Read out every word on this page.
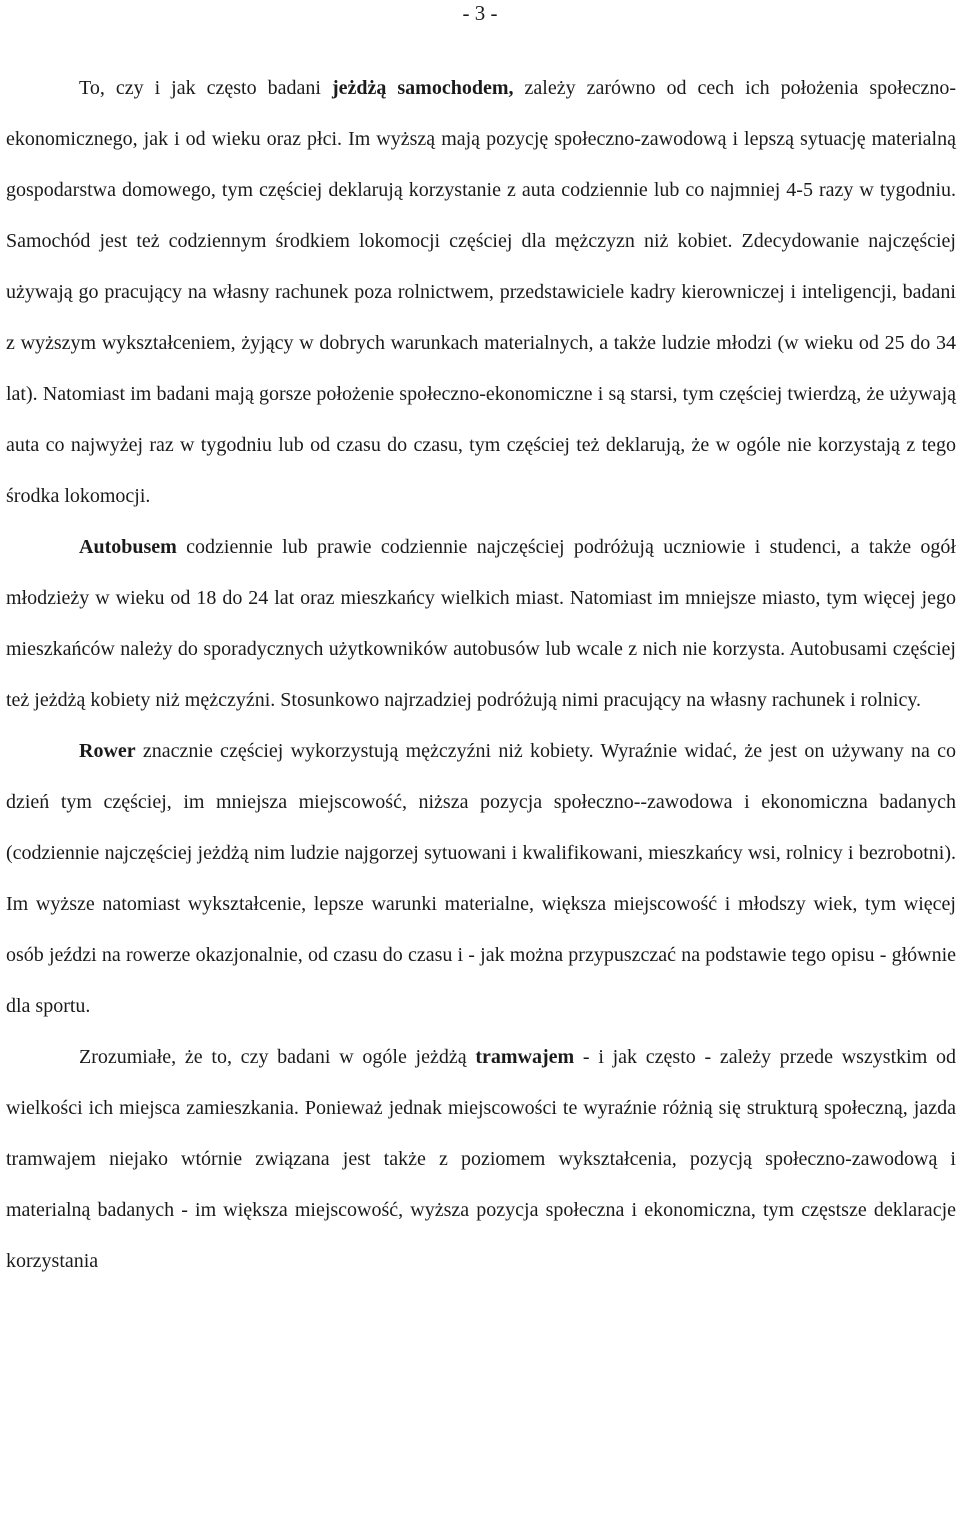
- 3 -

To, czy i jak często badani jeżdżą samochodem, zależy zarówno od cech ich położenia społeczno-ekonomicznego, jak i od wieku oraz płci. Im wyższą mają pozycję społeczno-zawodową i lepszą sytuację materialną gospodarstwa domowego, tym częściej deklarują korzystanie z auta codziennie lub co najmniej 4-5 razy w tygodniu. Samochód jest też codziennym środkiem lokomocji częściej dla mężczyzn niż kobiet. Zdecydowanie najczęściej używają go pracujący na własny rachunek poza rolnictwem, przedstawiciele kadry kierowniczej i inteligencji, badani z wyższym wykształceniem, żyjący w dobrych warunkach materialnych, a także ludzie młodzi (w wieku od 25 do 34 lat). Natomiast im badani mają gorsze położenie społeczno-ekonomiczne i są starsi, tym częściej twierdzą, że używają auta co najwyżej raz w tygodniu lub od czasu do czasu, tym częściej też deklarują, że w ogóle nie korzystają z tego środka lokomocji.

Autobusem codziennie lub prawie codziennie najczęściej podróżują uczniowie i studenci, a także ogół młodzieży w wieku od 18 do 24 lat oraz mieszkańcy wielkich miast. Natomiast im mniejsze miasto, tym więcej jego mieszkańców należy do sporadycznych użytkowników autobusów lub wcale z nich nie korzysta. Autobusami częściej też jeżdżą kobiety niż mężczyźni. Stosunkowo najrzadziej podróżują nimi pracujący na własny rachunek i rolnicy.

Rower znacznie częściej wykorzystują mężczyźni niż kobiety. Wyraźnie widać, że jest on używany na co dzień tym częściej, im mniejsza miejscowość, niższa pozycja społeczno--zawodowa i ekonomiczna badanych (codziennie najczęściej jeżdżą nim ludzie najgorzej sytuowani i kwalifikowani, mieszkańcy wsi, rolnicy i bezrobotni). Im wyższe natomiast wykształcenie, lepsze warunki materialne, większa miejscowość i młodszy wiek, tym więcej osób jeździ na rowerze okazjonalnie, od czasu do czasu i - jak można przypuszczać na podstawie tego opisu - głównie dla sportu.

Zrozumiałe, że to, czy badani w ogóle jeżdżą tramwajem - i jak często - zależy przede wszystkim od wielkości ich miejsca zamieszkania. Ponieważ jednak miejscowości te wyraźnie różnią się strukturą społeczną, jazda tramwajem niejako wtórnie związana jest także z poziomem wykształcenia, pozycją społeczno-zawodową i materialną badanych - im większa miejscowość, wyższa pozycja społeczna i ekonomiczna, tym częstsze deklaracje korzystania
